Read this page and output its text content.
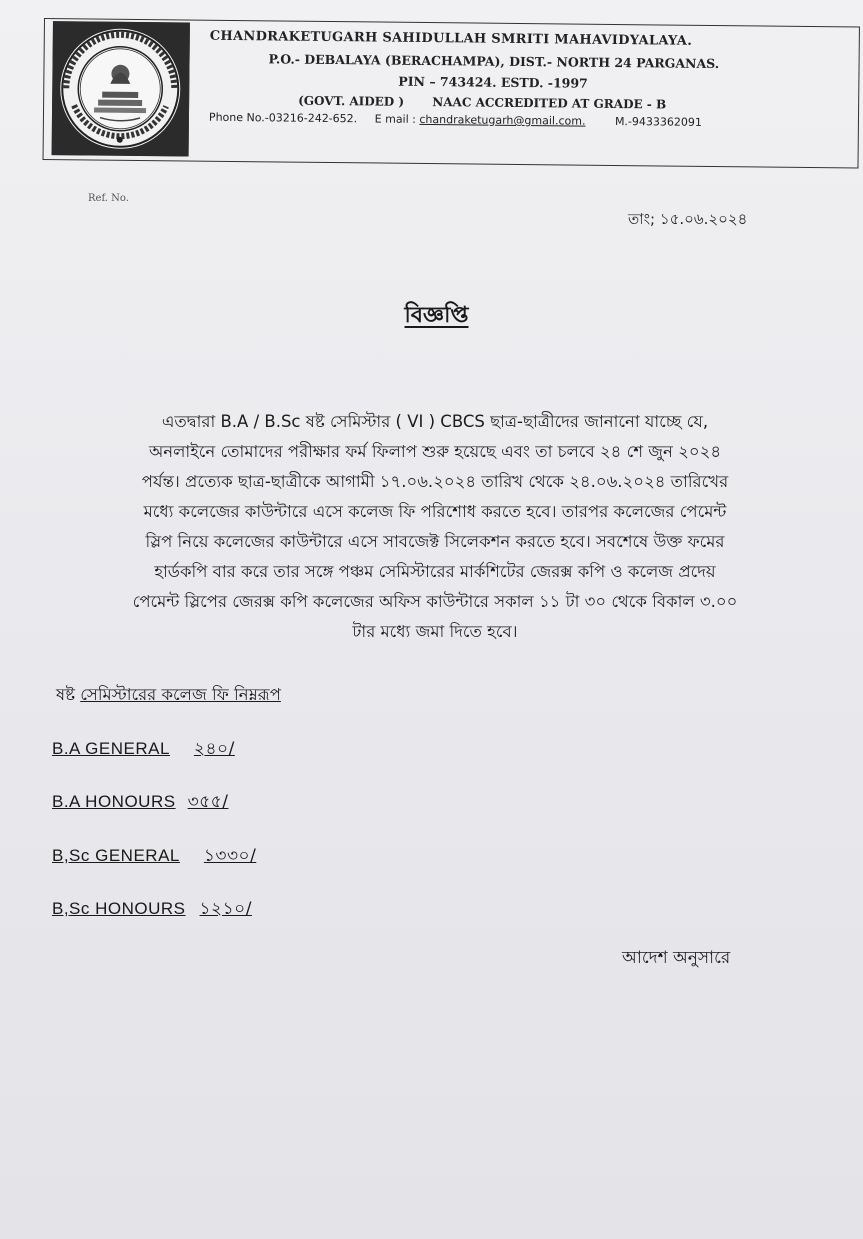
CHANDRAKETUGARH SAHIDULLAH SMRITI MAHAVIDYALAYA.
P.O.- DEBALAYA (BERACHAMPA), DIST.- NORTH 24 PARGANAS.
PIN – 743424. ESTD. -1997
(GOVT. AIDED ) NAAC ACCREDITED AT GRADE - B
Phone No.-03216-242-652. E mail : chandraketugarh@gmail.com.	M.-9433362091
Ref. No.
তাং; ১৫.০৬.২০২৪
বিজ্ঞপ্তি
এতদ্বারা B.A / B.Sc ষষ্ট সেমিস্টার ( VI ) CBCS ছাত্র-ছাত্রীদের জানানো যাচ্ছে যে,
অনলাইনে তোমাদের পরীক্ষার ফর্ম ফিলাপ শুরু হয়েছে এবং তা চলবে ২৪ শে জুন ২০২৪
পর্যন্ত। প্রত্যেক ছাত্র-ছাত্রীকে আগামী ১৭.০৬.২০২৪ তারিখ থেকে ২৪.০৬.২০২৪ তারিখের
মধ্যে কলেজের কাউন্টারে এসে কলেজ ফি পরিশোধ করতে হবে। তারপর কলেজের পেমেন্ট
স্লিপ নিয়ে কলেজের কাউন্টারে এসে সাবজেক্ট সিলেকশন করতে হবে। সবশেষে উক্ত ফমের
হার্ডকপি বার করে তার সঙ্গে পঞ্চম সেমিস্টারের মার্কশিটের জেরক্স কপি ও কলেজ প্রদেয়
পেমেন্ট স্লিপের জেরক্স কপি কলেজের অফিস কাউন্টারে সকাল ১১ টা ৩০ থেকে বিকাল ৩.০০
টার মধ্যে জমা দিতে হবে।
ষষ্ট সেমিস্টারের কলেজ ফি নিম্নরূপ
B.A GENERAL ২৪০/
B.A HONOURS ৩৫৫/
B,Sc GENERAL ১৩৩০/
B,Sc HONOURS ১২১০/
আদেশ অনুসারে
